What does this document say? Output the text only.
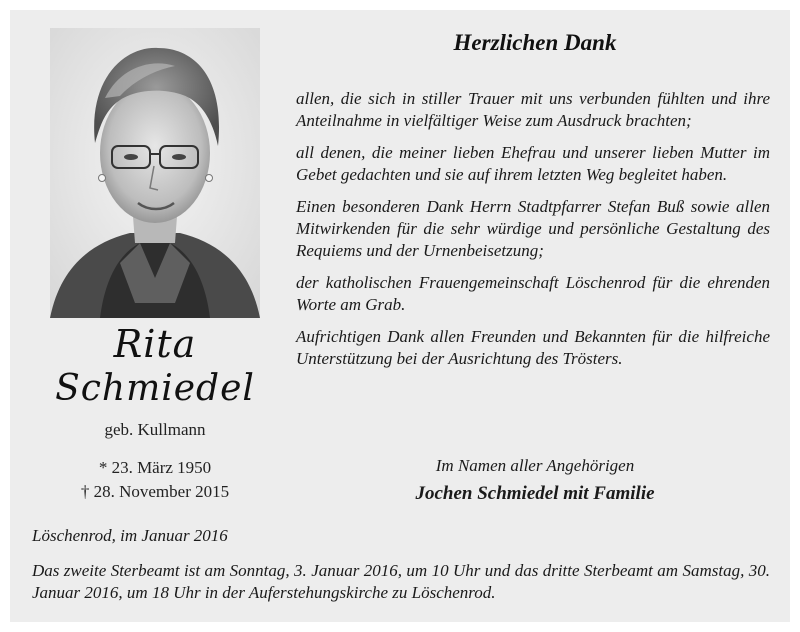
Rita
Schmiedel
geb. Kullmann
* 23. März 1950
† 28. November 2015
Herzlichen Dank

allen, die sich in stiller Trauer mit uns verbunden fühlten und ihre Anteilnahme in vielfältiger Weise zum Ausdruck brachten;

all denen, die meiner lieben Ehefrau und unserer lieben Mutter im Gebet gedachten und sie auf ihrem letzten Weg begleitet haben.

Einen besonderen Dank Herrn Stadtpfarrer Stefan Buß sowie allen Mitwirkenden für die sehr würdige und persönliche Gestaltung des Requiems und der Urnenbeisetzung;

der katholischen Frauengemeinschaft Löschenrod für die ehrenden Worte am Grab.

Aufrichtigen Dank allen Freunden und Bekannten für die hilfreiche Unterstützung bei der Ausrichtung des Trösters.

Im Namen aller Angehörigen
Jochen Schmiedel mit Familie
Löschenrod, im Januar 2016
Das zweite Sterbeamt ist am Sonntag, 3. Januar 2016, um 10 Uhr und das dritte Sterbeamt am Samstag, 30. Januar 2016, um 18 Uhr in der Auferstehungskirche zu Löschenrod.
